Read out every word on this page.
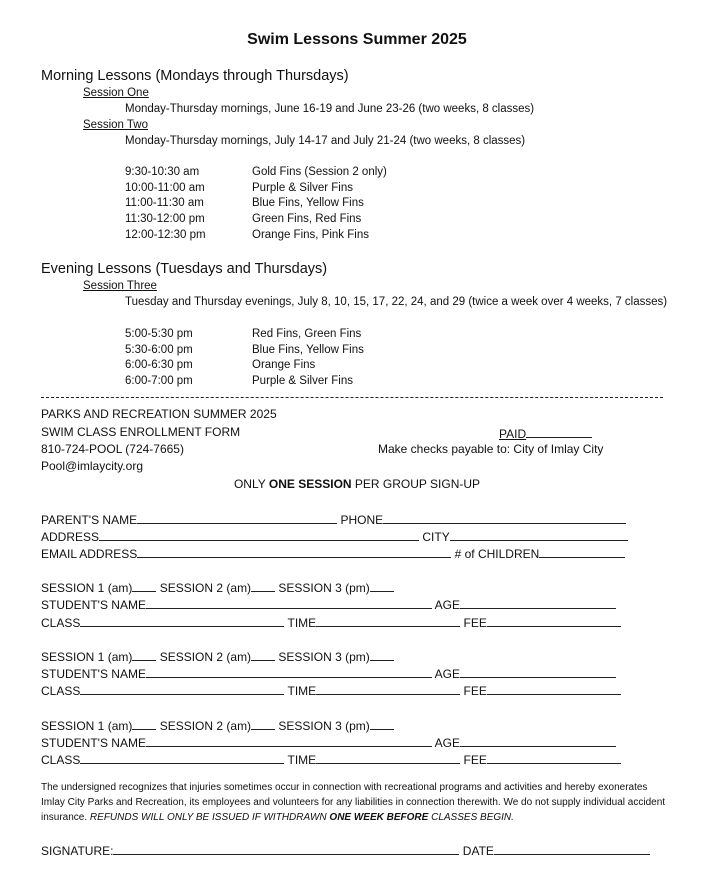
Swim Lessons Summer 2025
Morning Lessons (Mondays through Thursdays)
Session One
Monday-Thursday mornings, June 16-19 and June 23-26 (two weeks, 8 classes)
Session Two
Monday-Thursday mornings, July 14-17 and July 21-24 (two weeks, 8 classes)
9:30-10:30 am	Gold Fins (Session 2 only)
10:00-11:00 am	Purple & Silver Fins
11:00-11:30 am	Blue Fins, Yellow Fins
11:30-12:00 pm	Green Fins, Red Fins
12:00-12:30 pm	Orange Fins, Pink Fins
Evening Lessons (Tuesdays and Thursdays)
Session Three
Tuesday and Thursday evenings, July 8, 10, 15, 17, 22, 24, and 29 (twice a week over 4 weeks, 7 classes)
5:00-5:30 pm	Red Fins, Green Fins
5:30-6:00 pm	Blue Fins, Yellow Fins
6:00-6:30 pm	Orange Fins
6:00-7:00 pm	Purple & Silver Fins
PARKS AND RECREATION SUMMER 2025
SWIM CLASS ENROLLMENT FORM
810-724-POOL (724-7665)
Pool@imlaycity.org
PAID
Make checks payable to: City of Imlay City
ONLY ONE SESSION PER GROUP SIGN-UP
PARENT'S NAME	PHONE
ADDRESS	CITY
EMAIL ADDRESS	# of CHILDREN
SESSION 1 (am) SESSION 2 (am) SESSION 3 (pm)
STUDENT'S NAME	AGE
CLASS	TIME	FEE
SESSION 1 (am) SESSION 2 (am) SESSION 3 (pm)
STUDENT'S NAME	AGE
CLASS	TIME	FEE
SESSION 1 (am) SESSION 2 (am) SESSION 3 (pm)
STUDENT'S NAME	AGE
CLASS	TIME	FEE
The undersigned recognizes that injuries sometimes occur in connection with recreational programs and activities and hereby exonerates Imlay City Parks and Recreation, its employees and volunteers for any liabilities in connection therewith. We do not supply individual accident insurance. REFUNDS WILL ONLY BE ISSUED IF WITHDRAWN ONE WEEK BEFORE CLASSES BEGIN.
SIGNATURE:	DATE
